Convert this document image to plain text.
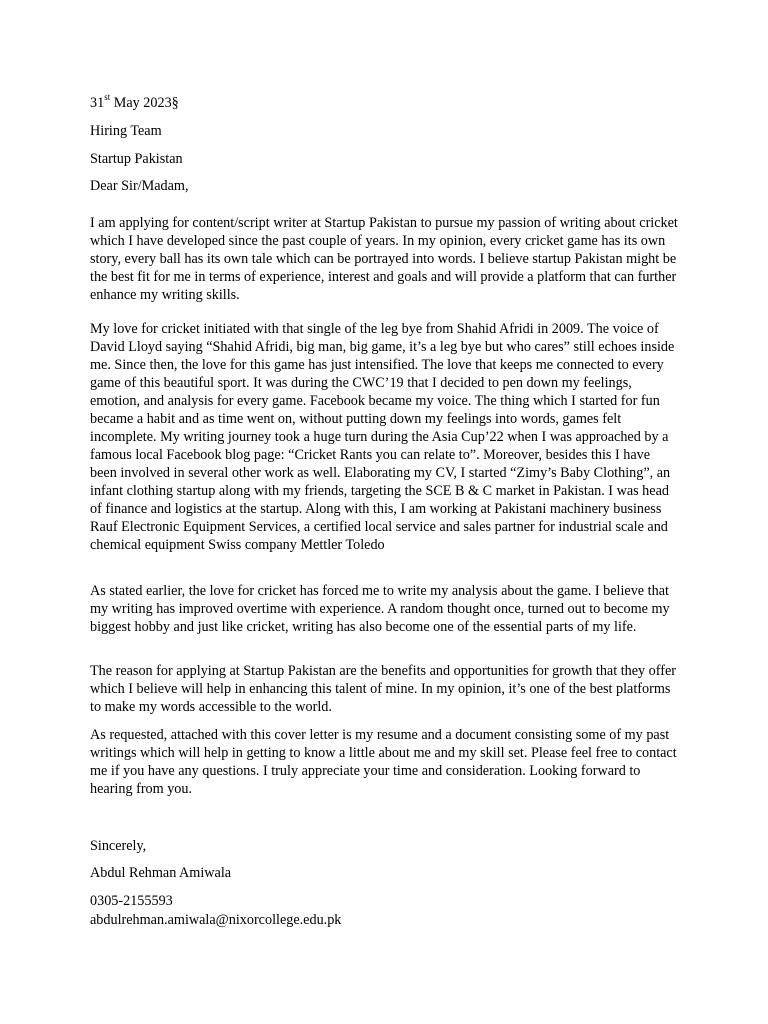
31st May 2023§
Hiring Team
Startup Pakistan
Dear Sir/Madam,

I am applying for content/script writer at Startup Pakistan to pursue my passion of writing about cricket which I have developed since the past couple of years. In my opinion, every cricket game has its own story, every ball has its own tale which can be portrayed into words. I believe startup Pakistan might be the best fit for me in terms of experience, interest and goals and will provide a platform that can further enhance my writing skills.

My love for cricket initiated with that single of the leg bye from Shahid Afridi in 2009. The voice of David Lloyd saying “Shahid Afridi, big man, big game, it’s a leg bye but who cares” still echoes inside me. Since then, the love for this game has just intensified. The love that keeps me connected to every game of this beautiful sport. It was during the CWC’19 that I decided to pen down my feelings, emotion, and analysis for every game. Facebook became my voice. The thing which I started for fun became a habit and as time went on, without putting down my feelings into words, games felt incomplete. My writing journey took a huge turn during the Asia Cup’22 when I was approached by a famous local Facebook blog page: “Cricket Rants you can relate to”. Moreover, besides this I have been involved in several other work as well. Elaborating my CV, I started “Zimy’s Baby Clothing”, an infant clothing startup along with my friends, targeting the SCE B & C market in Pakistan. I was head of finance and logistics at the startup. Along with this, I am working at Pakistani machinery business Rauf Electronic Equipment Services, a certified local service and sales partner for industrial scale and chemical equipment Swiss company Mettler Toledo

As stated earlier, the love for cricket has forced me to write my analysis about the game. I believe that my writing has improved overtime with experience. A random thought once, turned out to become my biggest hobby and just like cricket, writing has also become one of the essential parts of my life.

The reason for applying at Startup Pakistan are the benefits and opportunities for growth that they offer which I believe will help in enhancing this talent of mine. In my opinion, it’s one of the best platforms to make my words accessible to the world.

As requested, attached with this cover letter is my resume and a document consisting some of my past writings which will help in getting to know a little about me and my skill set. Please feel free to contact me if you have any questions. I truly appreciate your time and consideration. Looking forward to hearing from you.

Sincerely,
Abdul Rehman Amiwala
0305-2155593
abdulrehman.amiwala@nixorcollege.edu.pk
